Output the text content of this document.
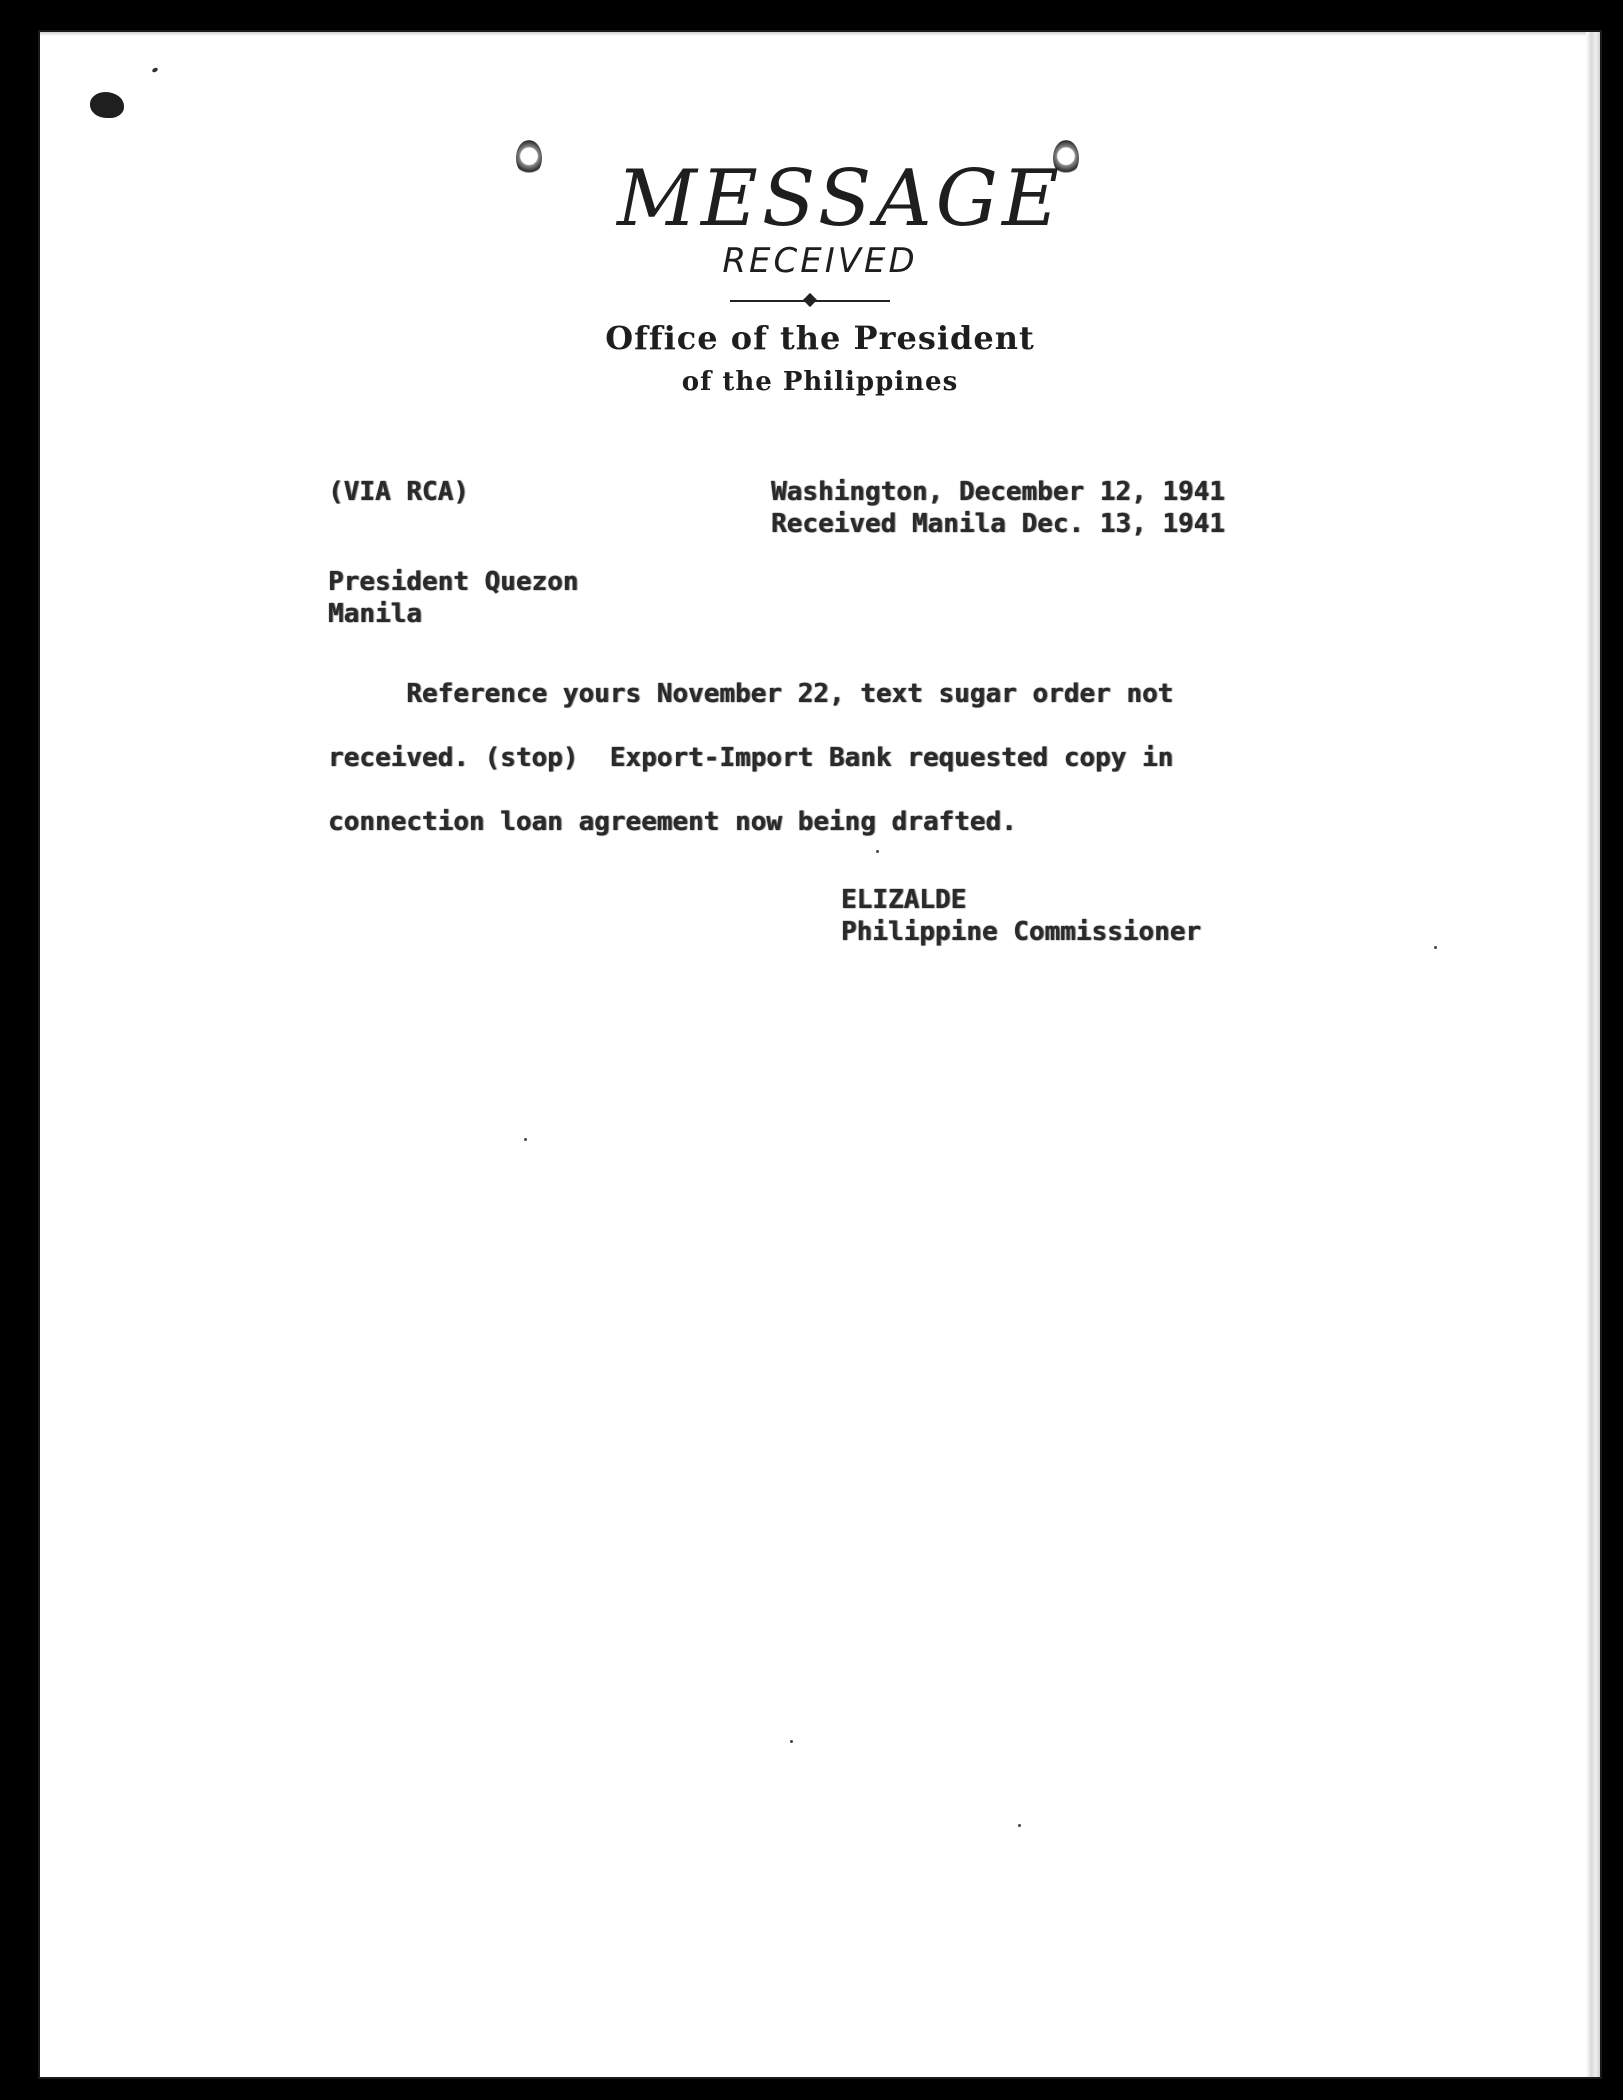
MESSAGE
RECEIVED
Office of the President
of the Philippines
(VIA RCA)	Washington, December 12, 1941
Received Manila Dec. 13, 1941
President Quezon
Manila
Reference yours November 22, text sugar order not
received. (stop)  Export-Import Bank requested copy in
connection loan agreement now being drafted.
ELIZALDE
Philippine Commissioner
